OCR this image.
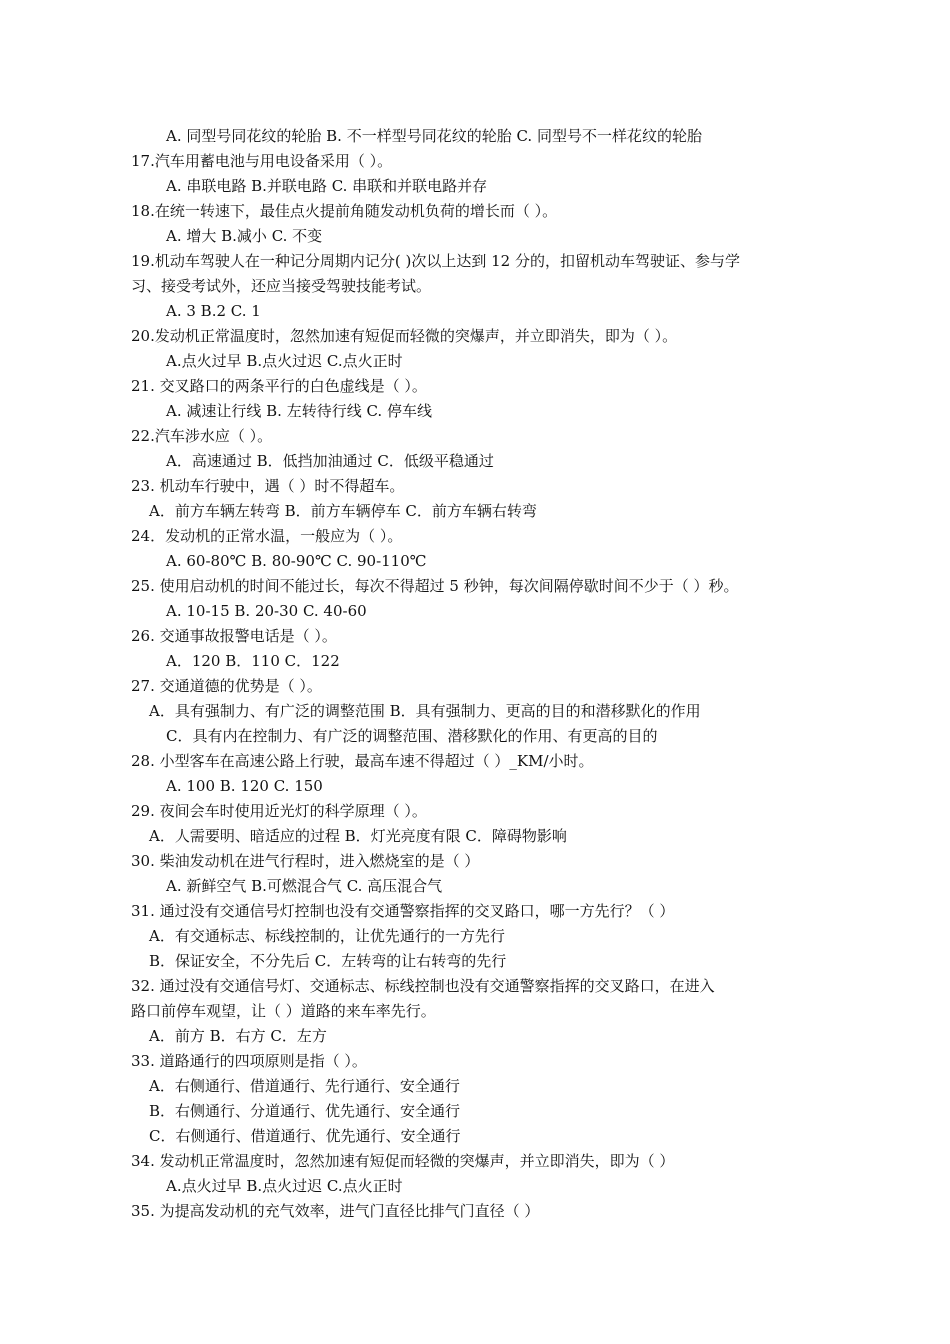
A. 同型号同花纹的轮胎 B. 不一样型号同花纹的轮胎 C. 同型号不一样花纹的轮胎
17.汽车用蓄电池与用电设备采用（ ）。
A. 串联电路 B.并联电路 C. 串联和并联电路并存
18.在统一转速下，最佳点火提前角随发动机负荷的增长而（ ）。
A. 增大 B.减小 C. 不变
19.机动车驾驶人在一种记分周期内记分( )次以上达到 12 分的，扣留机动车驾驶证、参与学
习、接受考试外，还应当接受驾驶技能考试。
A. 3 B.2 C. 1
20.发动机正常温度时，忽然加速有短促而轻微的突爆声，并立即消失，即为（ ）。
A.点火过早 B.点火过迟 C.点火正时
21. 交叉路口的两条平行的白色虚线是（ ）。
A. 减速让行线 B. 左转待行线 C. 停车线
22.汽车涉水应（ ）。
A．高速通过 B．低挡加油通过 C．低级平稳通过
23. 机动车行驶中，遇（ ）时不得超车。
A．前方车辆左转弯 B．前方车辆停车 C．前方车辆右转弯
24．发动机的正常水温，一般应为（ ）。
A. 60-80℃ B. 80-90℃ C. 90-110℃
25. 使用启动机的时间不能过长，每次不得超过 5 秒钟，每次间隔停歇时间不少于（ ）秒。
A. 10-15 B. 20-30 C. 40-60
26. 交通事故报警电话是（ ）。
A．120 B．110 C．122
27. 交通道德的优势是（ ）。
A．具有强制力、有广泛的调整范围 B．具有强制力、更高的目的和潜移默化的作用
C．具有内在控制力、有广泛的调整范围、潜移默化的作用、有更高的目的
28. 小型客车在高速公路上行驶，最高车速不得超过（ ）_KM/小时。
A. 100 B. 120 C. 150
29. 夜间会车时使用近光灯的科学原理（ ）。
A．人需要明、暗适应的过程 B．灯光亮度有限 C．障碍物影响
30. 柴油发动机在进气行程时，进入燃烧室的是（ ）
A. 新鲜空气 B.可燃混合气 C. 高压混合气
31. 通过没有交通信号灯控制也没有交通警察指挥的交叉路口，哪一方先行？（ ）
A．有交通标志、标线控制的，让优先通行的一方先行
B．保证安全，不分先后 C．左转弯的让右转弯的先行
32. 通过没有交通信号灯、交通标志、标线控制也没有交通警察指挥的交叉路口，在进入
路口前停车观望，让（ ）道路的来车率先行。
A．前方 B．右方 C．左方
33. 道路通行的四项原则是指（ ）。
A．右侧通行、借道通行、先行通行、安全通行
B．右侧通行、分道通行、优先通行、安全通行
C．右侧通行、借道通行、优先通行、安全通行
34. 发动机正常温度时，忽然加速有短促而轻微的突爆声，并立即消失，即为（ ）
A.点火过早 B.点火过迟 C.点火正时
35. 为提高发动机的充气效率，进气门直径比排气门直径（ ）
